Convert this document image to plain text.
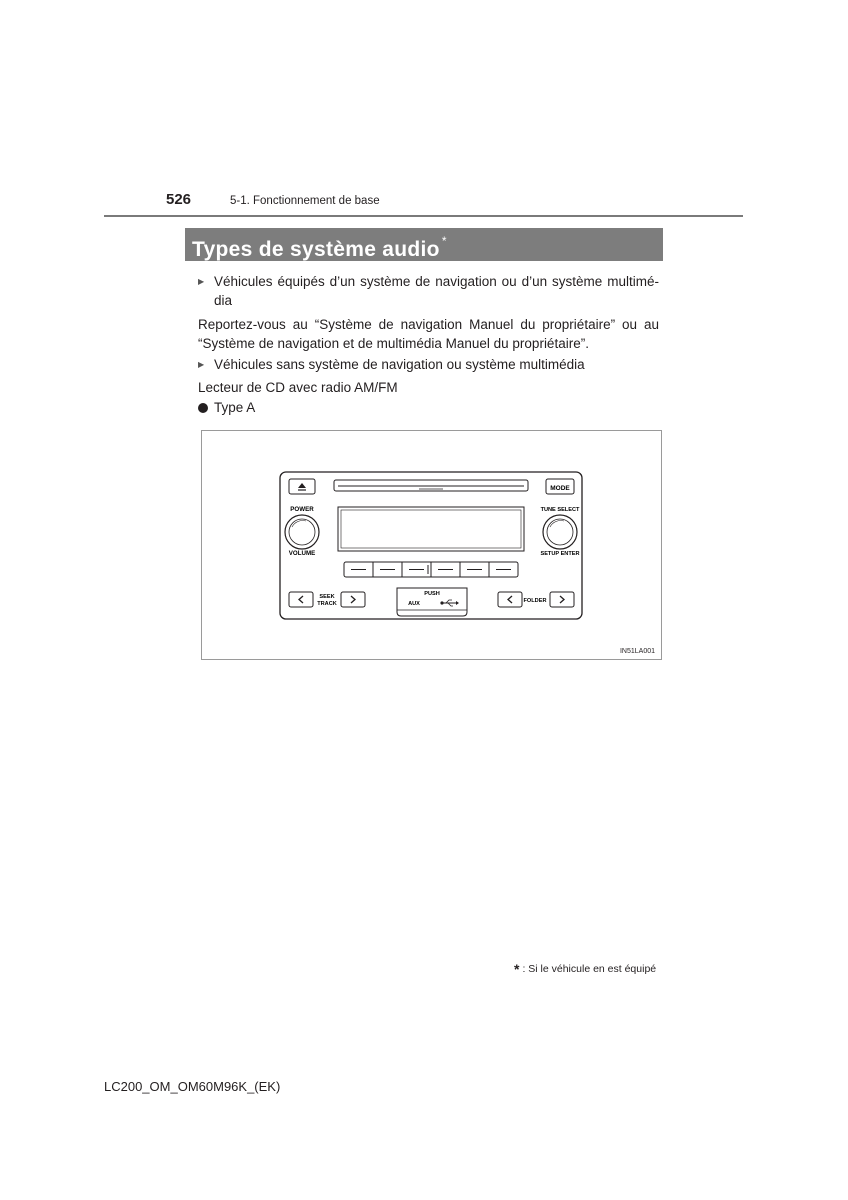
526	5-1. Fonctionnement de base
Types de système audio *
▶ Véhicules équipés d’un système de navigation ou d’un système multimé-dia
Reportez-vous au “Système de navigation Manuel du propriétaire” ou au “Système de navigation et de multimédia Manuel du propriétaire”.
▶ Véhicules sans système de navigation ou système multimédia
Lecteur de CD avec radio AM/FM
Type A
MODE
POWER
VOLUME
TUNE SELECT
SETUP ENTER
SEEK
TRACK
PUSH
AUX	FOLDER
IN51LA001
* : Si le véhicule en est équipé
LC200_OM_OM60M96K_(EK)
